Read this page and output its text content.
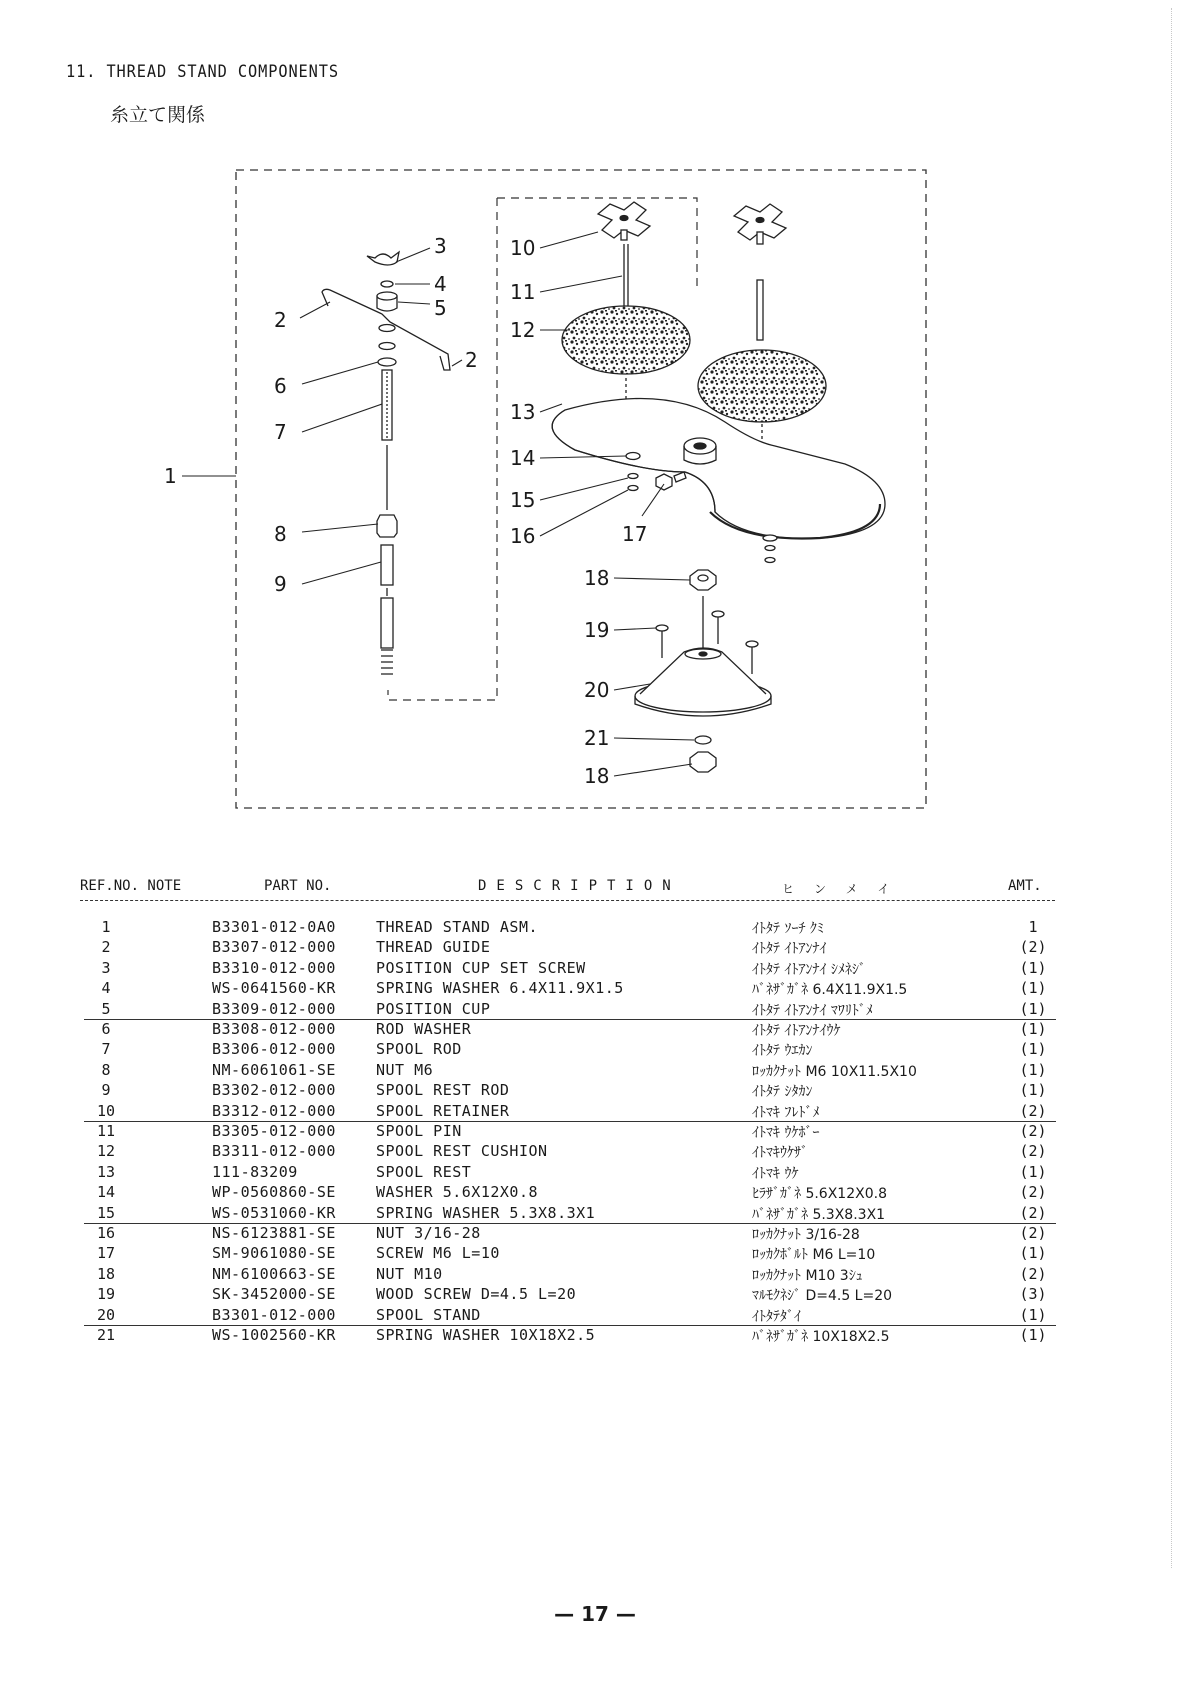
11. THREAD STAND COMPONENTS
糸立て関係
1
2
2
3
4
5
6
7
8
9
10
11
12
13
14
15
16	17
18
19
20
21
18
REF.NO. NOTE	PART NO.	DESCRIPTION	ヒンメイ	AMT.
1	B3301-012-0A0	THREAD STAND ASM.	ｲﾄﾀﾃ ｿｰﾁ ｸﾐ	1
2	B3307-012-000	THREAD GUIDE	ｲﾄﾀﾃ ｲﾄｱﾝﾅｲ	(2)
3	B3310-012-000	POSITION CUP SET SCREW	ｲﾄﾀﾃ ｲﾄｱﾝﾅｲ ｼﾒﾈｼﾞ	(1)
4	WS-0641560-KR	SPRING WASHER 6.4X11.9X1.5	ﾊﾞﾈｻﾞｶﾞﾈ 6.4X11.9X1.5	(1)
5	B3309-012-000	POSITION CUP	ｲﾄﾀﾃ ｲﾄｱﾝﾅｲ ﾏﾜﾘﾄﾞﾒ	(1)
6	B3308-012-000	ROD WASHER	ｲﾄﾀﾃ ｲﾄｱﾝﾅｲｳｹ	(1)
7	B3306-012-000	SPOOL ROD	ｲﾄﾀﾃ ｳｴｶﾝ	(1)
8	NM-6061061-SE	NUT M6	ﾛｯｶｸﾅｯﾄ M6 10X11.5X10	(1)
9	B3302-012-000	SPOOL REST ROD	ｲﾄﾀﾃ ｼﾀｶﾝ	(1)
10	B3312-012-000	SPOOL RETAINER	ｲﾄﾏｷ ﾌﾚﾄﾞﾒ	(2)
11	B3305-012-000	SPOOL PIN	ｲﾄﾏｷ ｳｹﾎﾞｰ	(2)
12	B3311-012-000	SPOOL REST CUSHION	ｲﾄﾏｷｳｹｻﾞ	(2)
13	111-83209	SPOOL REST	ｲﾄﾏｷ ｳｹ	(1)
14	WP-0560860-SE	WASHER 5.6X12X0.8	ﾋﾗｻﾞｶﾞﾈ 5.6X12X0.8	(2)
15	WS-0531060-KR	SPRING WASHER 5.3X8.3X1	ﾊﾞﾈｻﾞｶﾞﾈ 5.3X8.3X1	(2)
16	NS-6123881-SE	NUT 3/16-28	ﾛｯｶｸﾅｯﾄ 3/16-28	(2)
17	SM-9061080-SE	SCREW M6 L=10	ﾛｯｶｸﾎﾞﾙﾄ M6 L=10	(1)
18	NM-6100663-SE	NUT M10	ﾛｯｶｸﾅｯﾄ M10 3ｼｭ	(2)
19	SK-3452000-SE	WOOD SCREW D=4.5 L=20	ﾏﾙﾓｸﾈｼﾞ D=4.5 L=20	(3)
20	B3301-012-000	SPOOL STAND	ｲﾄﾀﾃﾀﾞｲ	(1)
21	WS-1002560-KR	SPRING WASHER 10X18X2.5	ﾊﾞﾈｻﾞｶﾞﾈ 10X18X2.5	(1)
— 17 —
